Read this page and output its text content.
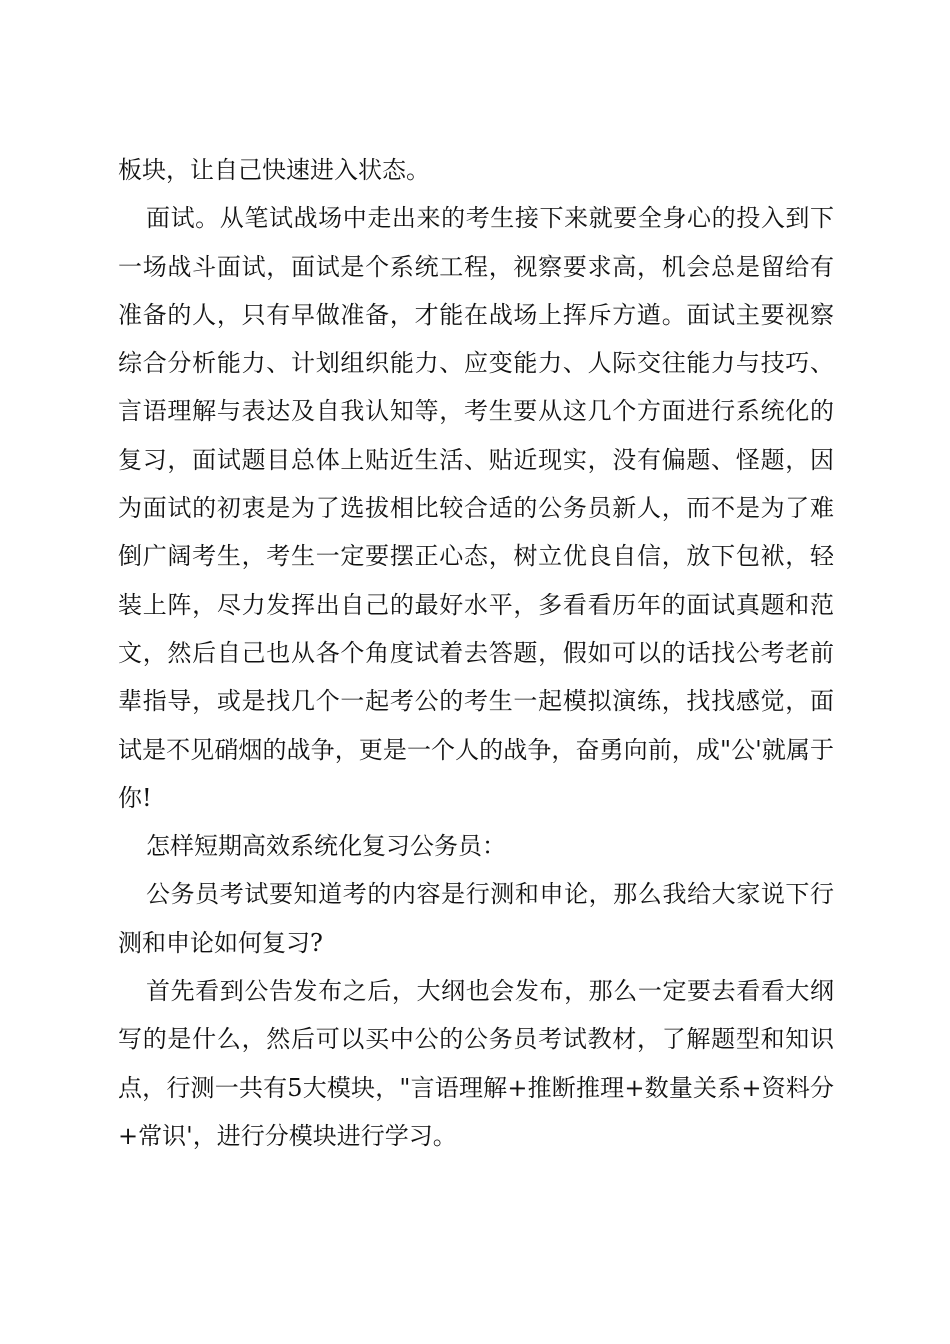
板块，让自己快速进入状态。

面试。从笔试战场中走出来的考生接下来就要全身心的投入到下一场战斗面试，面试是个系统工程，视察要求高，机会总是留给有准备的人，只有早做准备，才能在战场上挥斥方遒。面试主要视察综合分析能力、计划组织能力、应变能力、人际交往能力与技巧、言语理解与表达及自我认知等，考生要从这几个方面进行系统化的复习，面试题目总体上贴近生活、贴近现实，没有偏题、怪题，因为面试的初衷是为了选拔相比较合适的公务员新人，而不是为了难倒广阔考生，考生一定要摆正心态，树立优良自信，放下包袱，轻装上阵，尽力发挥出自己的最好水平，多看看历年的面试真题和范文，然后自己也从各个角度试着去答题，假如可以的话找公考老前辈指导，或是找几个一起考公的考生一起模拟演练，找找感觉，面试是不见硝烟的战争，更是一个人的战争，奋勇向前，成"公'就属于你!

怎样短期高效系统化复习公务员：

公务员考试要知道考的内容是行测和申论，那么我给大家说下行测和申论如何复习?

首先看到公告发布之后，大纲也会发布，那么一定要去看看大纲写的是什么，然后可以买中公的公务员考试教材，了解题型和知识点，行测一共有5大模块，"言语理解+推断推理+数量关系+资料分+常识'，进行分模块进行学习。
